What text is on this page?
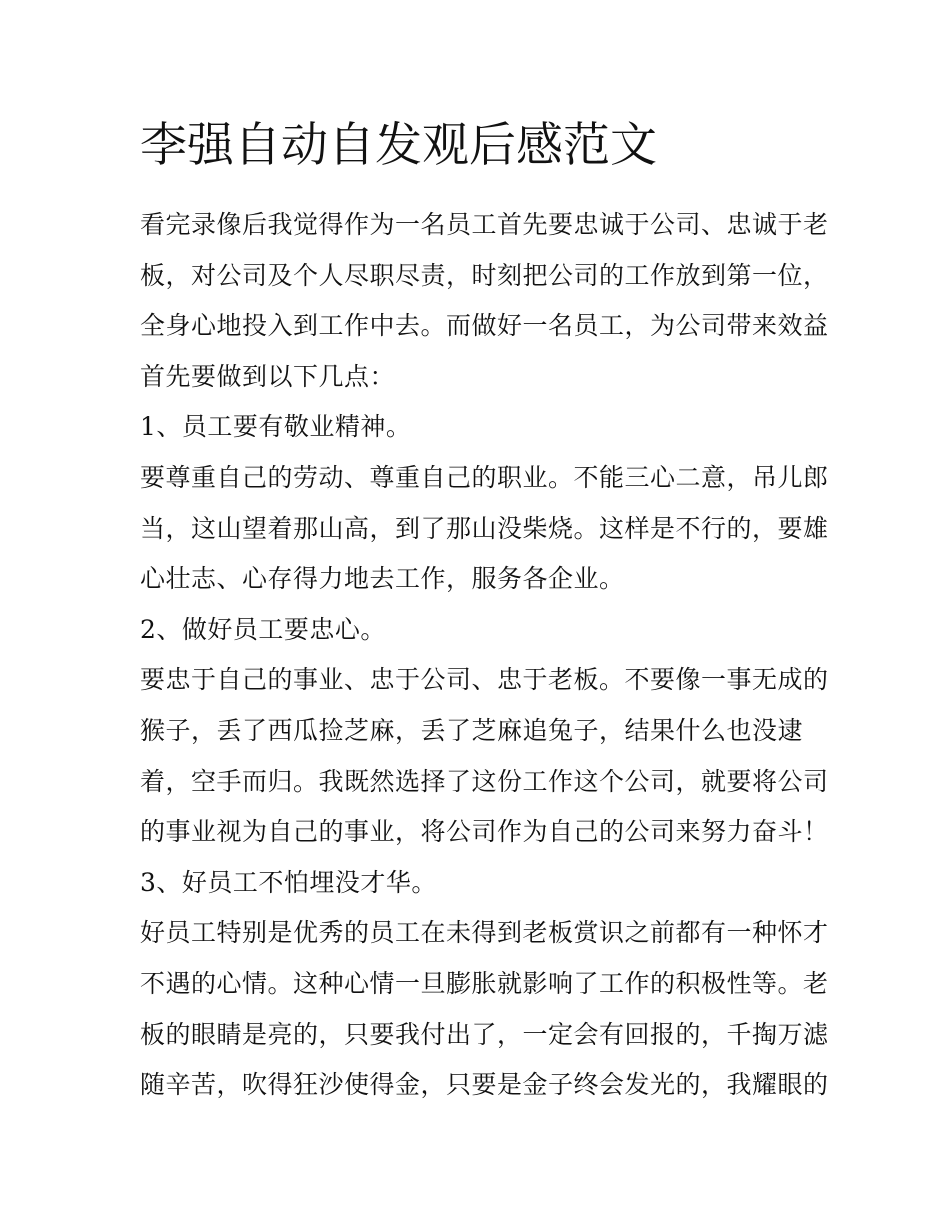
李强自动自发观后感范文
看完录像后我觉得作为一名员工首先要忠诚于公司、忠诚于老
板，对公司及个人尽职尽责，时刻把公司的工作放到第一位，
全身心地投入到工作中去。而做好一名员工，为公司带来效益
首先要做到以下几点：
1、员工要有敬业精神。
要尊重自己的劳动、尊重自己的职业。不能三心二意，吊儿郎
当，这山望着那山高，到了那山没柴烧。这样是不行的，要雄
心壮志、心存得力地去工作，服务各企业。
2、做好员工要忠心。
要忠于自己的事业、忠于公司、忠于老板。不要像一事无成的
猴子，丢了西瓜捡芝麻，丢了芝麻追兔子，结果什么也没逮
着，空手而归。我既然选择了这份工作这个公司，就要将公司
的事业视为自己的事业，将公司作为自己的公司来努力奋斗！
3、好员工不怕埋没才华。
好员工特别是优秀的员工在未得到老板赏识之前都有一种怀才
不遇的心情。这种心情一旦膨胀就影响了工作的积极性等。老
板的眼睛是亮的，只要我付出了，一定会有回报的，千掏万滤
随辛苦，吹得狂沙使得金，只要是金子终会发光的，我耀眼的
